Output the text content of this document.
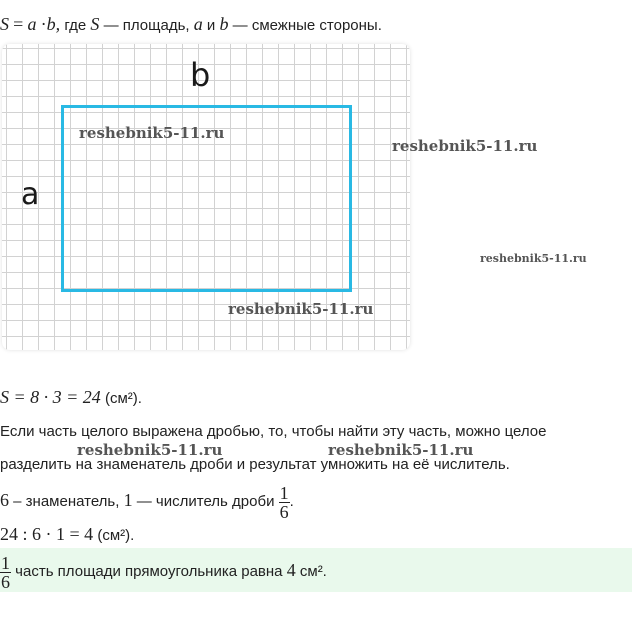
S = a ·b, где S — площадь, a и b — смежные стороны.
b
a
reshebnik5-11.ru
reshebnik5-11.ru
reshebnik5-11.ru
reshebnik5-11.ru
S = 8 · 3 = 24 (см²).
Если часть целого выражена дробью, то, чтобы найти эту часть, можно целое
reshebnik5-11.ru	reshebnik5-11.ru
разделить на знаменатель дроби и результат умножить на её числитель.
6 – знаменатель, 1 — числитель дроби $\frac{1}{6}$ .
24 : 6 · 1 = 4 (см²).
$\frac{1}{6}$ часть площади прямоугольника равна 4 см².
